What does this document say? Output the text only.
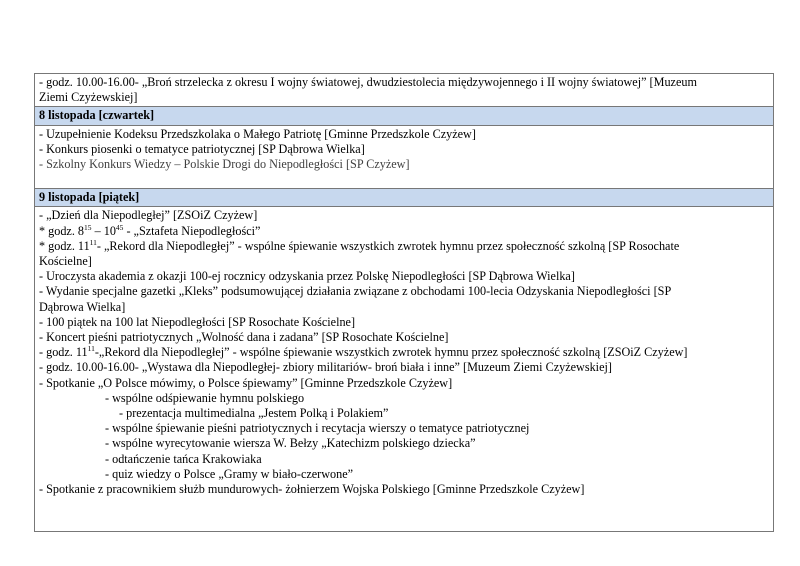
- godz. 10.00-16.00- „Broń strzelecka z okresu I wojny światowej, dwudziestolecia międzywojennego i II wojny światowej” [Muzeum
Ziemi Czyżewskiej]
8 listopada [czwartek]
- Uzupełnienie Kodeksu Przedszkolaka o Małego Patriotę [Gminne Przedszkole Czyżew]
- Konkurs piosenki o tematyce patriotycznej [SP Dąbrowa Wielka]
- Szkolny Konkurs Wiedzy – Polskie Drogi do Niepodległości [SP Czyżew]
9 listopada [piątek]
- „Dzień dla Niepodległej” [ZSOiZ Czyżew]
* godz. $8^{15} - 10^{45}$ - „Sztafeta Niepodległości”
* godz. $11^{11}-$ „Rekord dla Niepodległej” - wspólne śpiewanie wszystkich zwrotek hymnu przez społeczność szkolną [SP Rosochate
Kościelne]
- Uroczysta akademia z okazji 100-ej rocznicy odzyskania przez Polskę Niepodległości [SP Dąbrowa Wielka]
- Wydanie specjalne gazetki „Kleks” podsumowującej działania związane z obchodami 100-lecia Odzyskania Niepodległości [SP
Dąbrowa Wielka]
- 100 piątek na 100 lat Niepodległości [SP Rosochate Kościelne]
- Koncert pieśni patriotycznych „Wolność dana i zadana” [SP Rosochate Kościelne]
- godz. $11^{11}-„Rekord$ dla Niepodległej” - wspólne śpiewanie wszystkich zwrotek hymnu przez społeczność szkolną [ZSOiZ Czyżew]
- godz. 10.00-16.00- „Wystawa dla Niepodległej- zbiory militariów- broń biała i inne” [Muzeum Ziemi Czyżewskiej]
- Spotkanie „O Polsce mówimy, o Polsce śpiewamy” [Gminne Przedszkole Czyżew]
- wspólne odśpiewanie hymnu polskiego
- prezentacja multimedialna „Jestem Polką i Polakiem”
- wspólne śpiewanie pieśni patriotycznych i recytacja wierszy o tematyce patriotycznej
- wspólne wyrecytowanie wiersza W. Bełzy „Katechizm polskiego dziecka”
- odtańczenie tańca Krakowiaka
- quiz wiedzy o Polsce „Gramy w biało-czerwone”
- Spotkanie z pracownikiem służb mundurowych- żołnierzem Wojska Polskiego [Gminne Przedszkole Czyżew]
